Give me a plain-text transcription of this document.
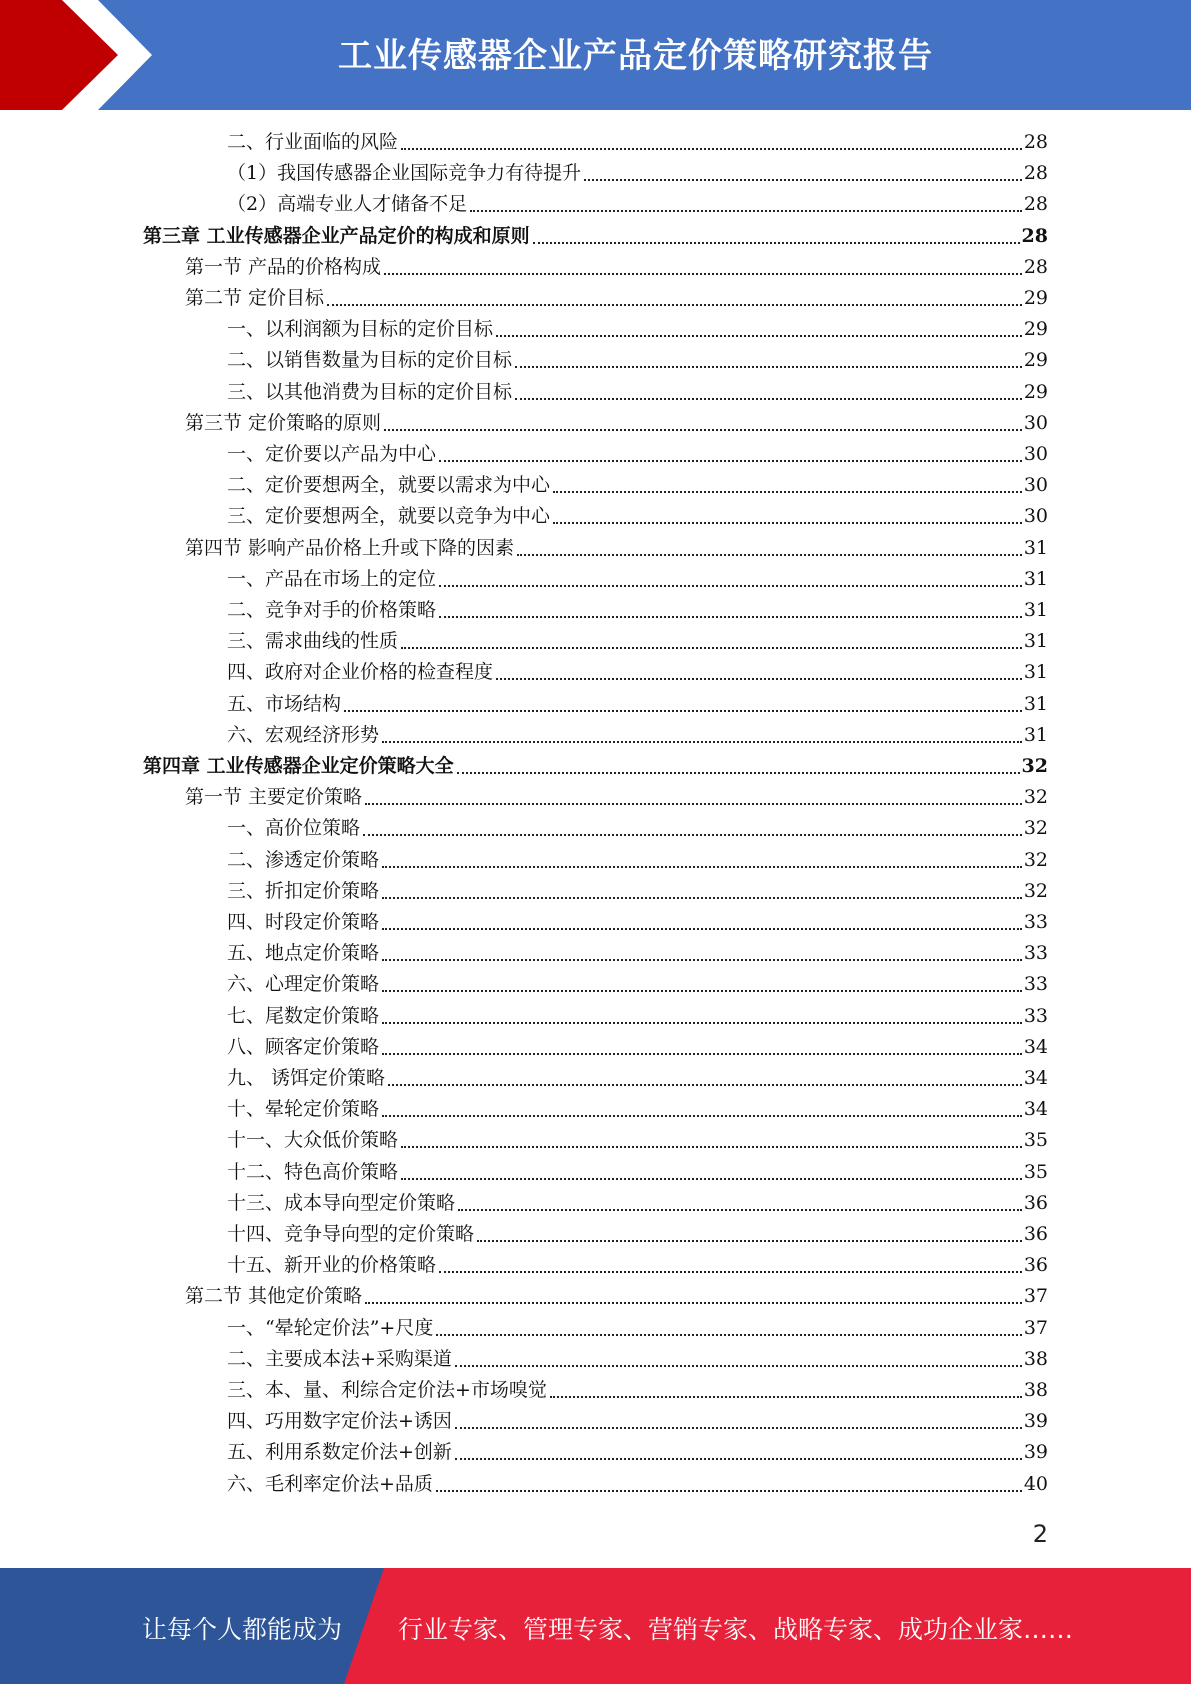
工业传感器企业产品定价策略研究报告
二、行业面临的风险	28
（1）我国传感器企业国际竞争力有待提升	28
（2）高端专业人才储备不足	28
第三章 工业传感器企业产品定价的构成和原则	28
第一节 产品的价格构成	28
第二节 定价目标	29
一、以利润额为目标的定价目标	29
二、以销售数量为目标的定价目标	29
三、以其他消费为目标的定价目标	29
第三节 定价策略的原则	30
一、定价要以产品为中心	30
二、定价要想两全，就要以需求为中心	30
三、定价要想两全，就要以竞争为中心	30
第四节 影响产品价格上升或下降的因素	31
一、产品在市场上的定位	31
二、竞争对手的价格策略	31
三、需求曲线的性质	31
四、政府对企业价格的检查程度	31
五、市场结构	31
六、宏观经济形势	31
第四章 工业传感器企业定价策略大全	32
第一节 主要定价策略	32
一、高价位策略	32
二、渗透定价策略	32
三、折扣定价策略	32
四、时段定价策略	33
五、地点定价策略	33
六、心理定价策略	33
七、尾数定价策略	33
八、顾客定价策略	34
九、 诱饵定价策略	34
十、晕轮定价策略	34
十一、大众低价策略	35
十二、特色高价策略	35
十三、成本导向型定价策略	36
十四、竞争导向型的定价策略	36
十五、新开业的价格策略	36
第二节 其他定价策略	37
一、“晕轮定价法”+尺度	37
二、主要成本法+采购渠道	38
三、本、量、利综合定价法+市场嗅觉	38
四、巧用数字定价法+诱因	39
五、利用系数定价法+创新	39
六、毛利率定价法+品质	40
2
让每个人都能成为 行业专家、管理专家、营销专家、战略专家、成功企业家……
